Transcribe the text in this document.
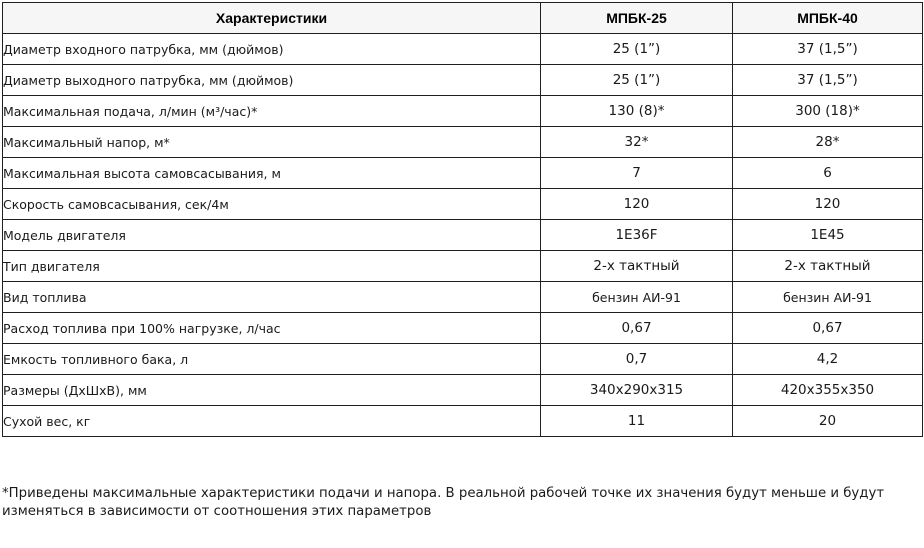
Характеристики	МПБК-25	МПБК-40
Диаметр входного патрубка, мм (дюймов)	25 (1”)	37 (1,5”)
Диаметр выходного патрубка, мм (дюймов)	25 (1”)	37 (1,5”)
Максимальная подача, л/мин (м³/час)*	130 (8)*	300 (18)*
Максимальный напор, м*	32*	28*
Максимальная высота самовсасывания, м	7	6
Скорость самовсасывания, сек/4м	120	120
Модель двигателя	1E36F	1E45
Тип двигателя	2-х тактный	2-х тактный
Вид топлива	бензин АИ-91	бензин АИ-91
Расход топлива при 100% нагрузке, л/час	0,67	0,67
Емкость топливного бака, л	0,7	4,2
Размеры (ДхШхВ), мм	340x290x315	420x355x350
Сухой вес, кг	11	20
*Приведены максимальные характеристики подачи и напора. В реальной рабочей точке их значения будут меньше и будут изменяться в зависимости от соотношения этих параметров
